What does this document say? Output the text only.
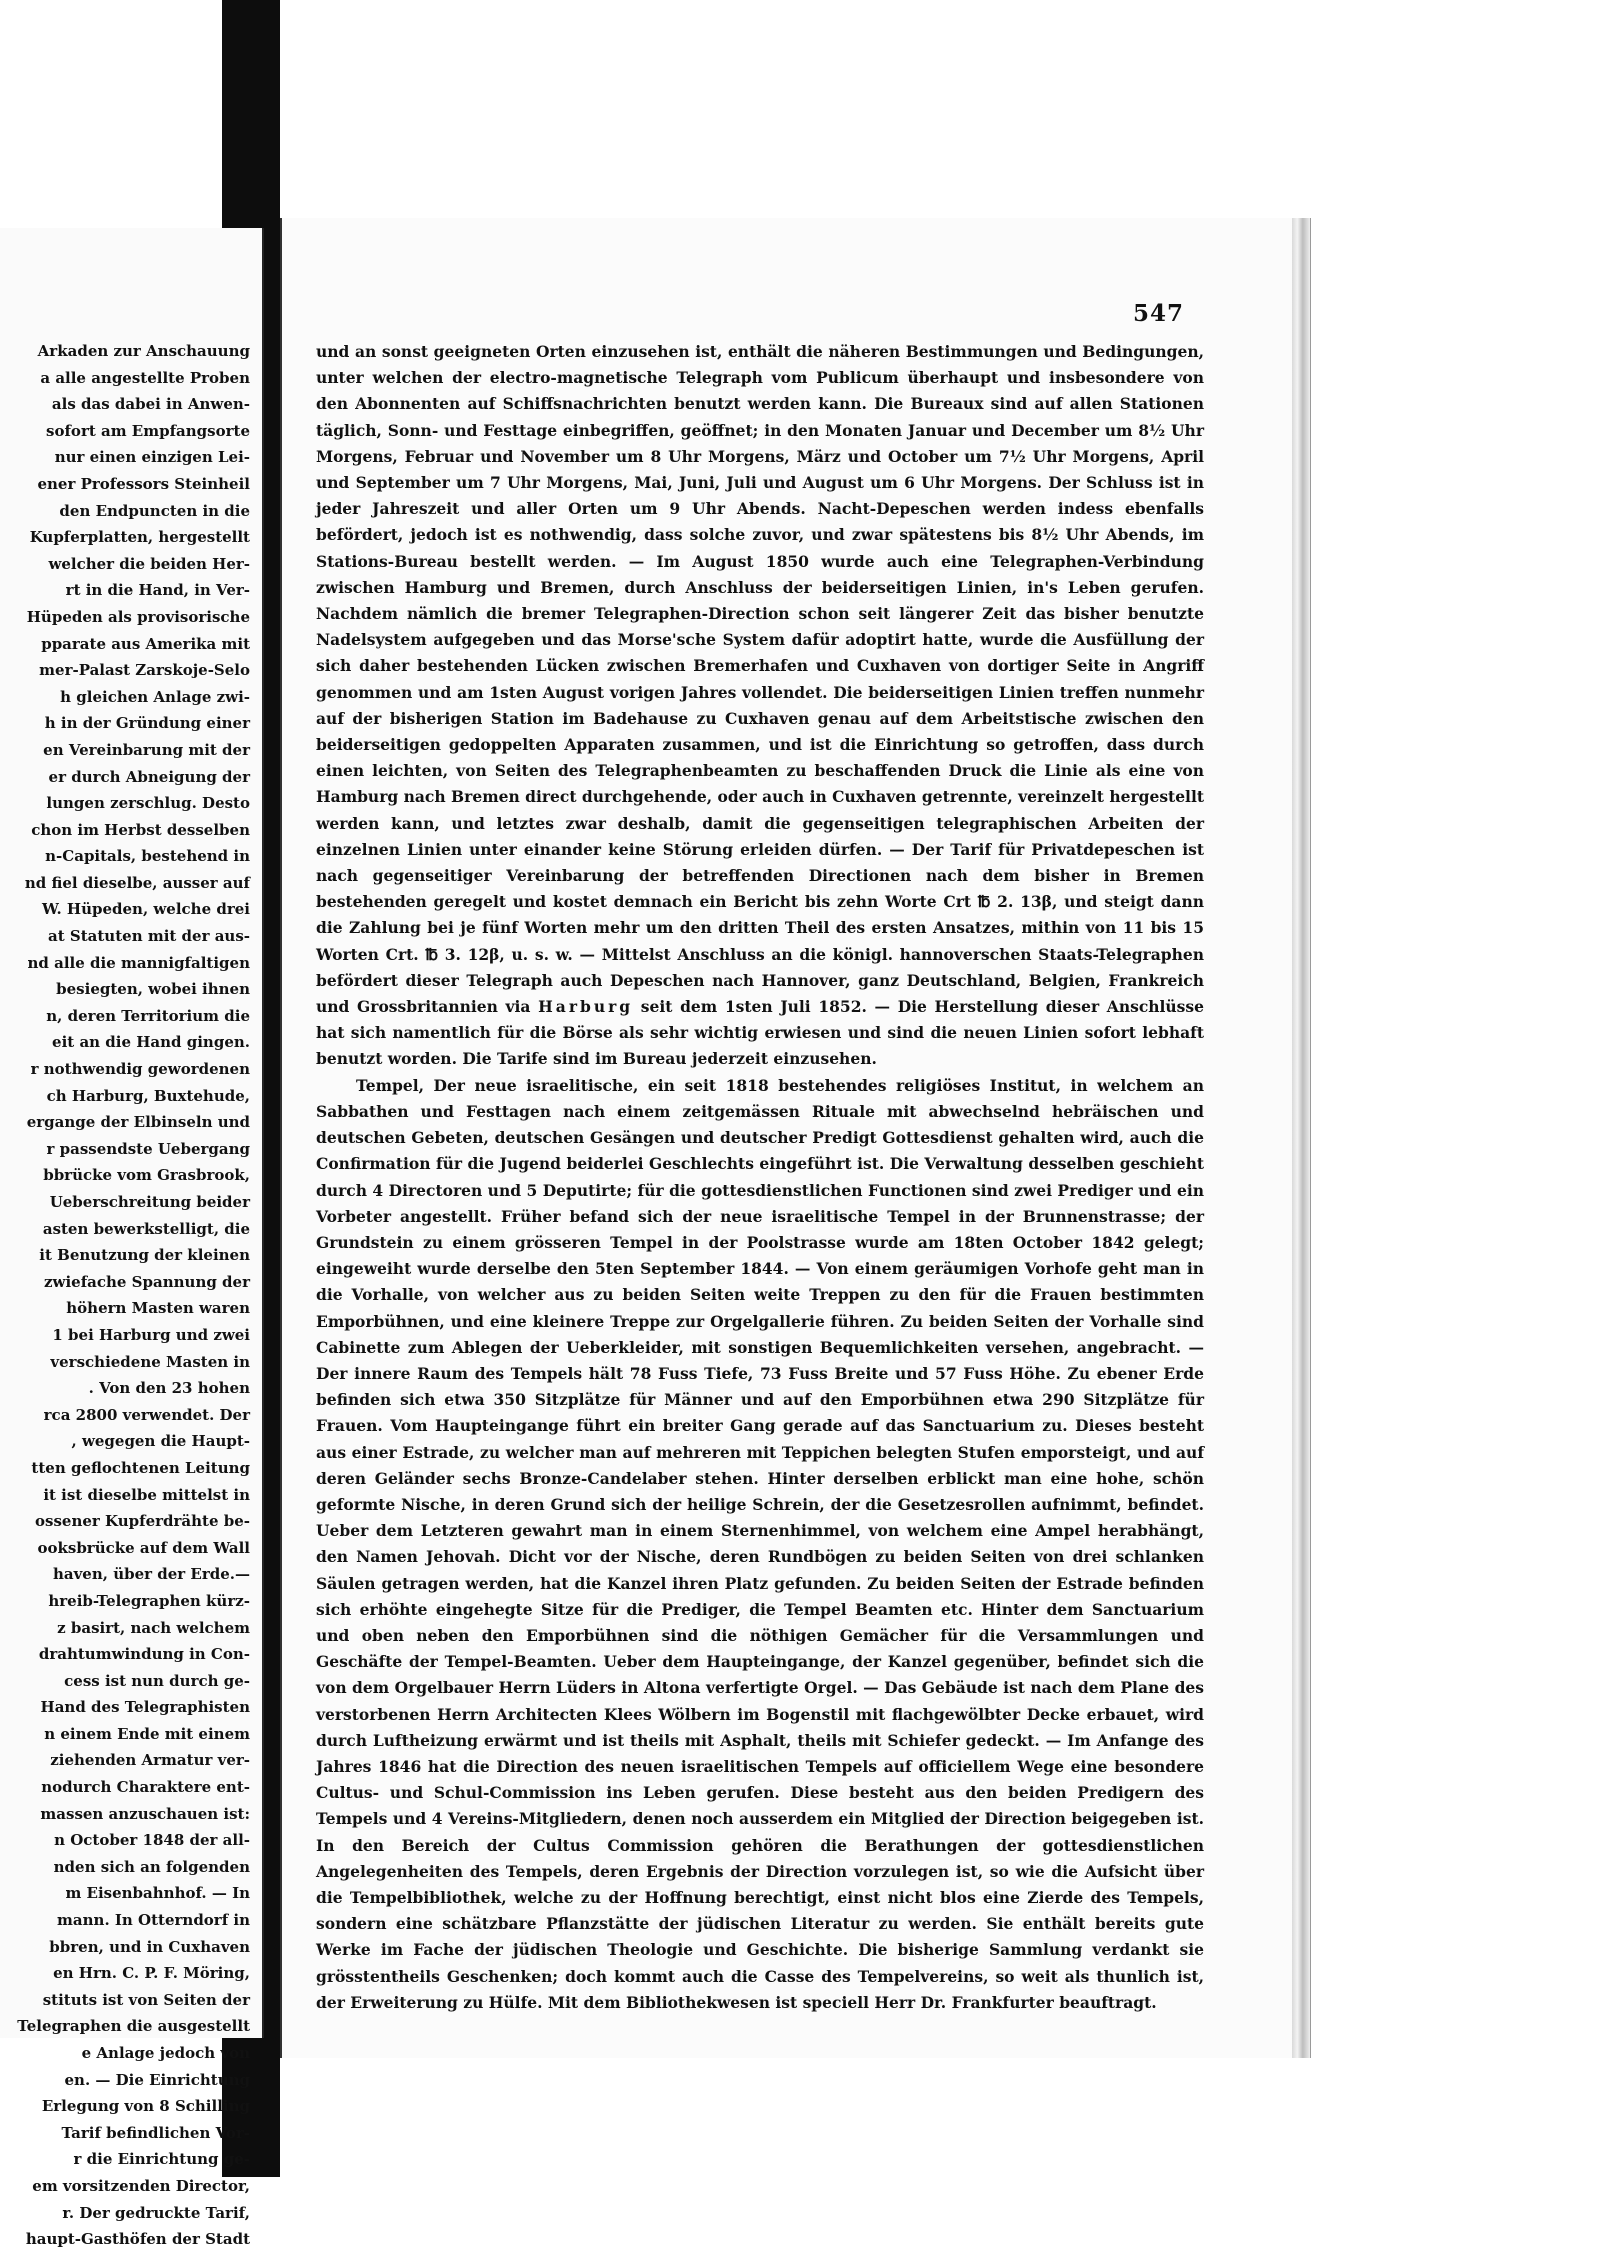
Arkaden zur Anschauung
a alle angestellte Proben
als das dabei in Anwen-
sofort am Empfangsorte
nur einen einzigen Lei-
ener Professors Steinheil
den Endpuncten in die
Kupferplatten, hergestellt
welcher die beiden Her-
rt in die Hand, in Ver-
Hüpeden als provisorische
pparate aus Amerika mit
mer-Palast Zarskoje-Selo
h gleichen Anlage zwi-
h in der Gründung einer
en Vereinbarung mit der
er durch Abneigung der
lungen zerschlug. Desto
chon im Herbst desselben
n-Capitals, bestehend in
nd fiel dieselbe, ausser auf
W. Hüpeden, welche drei
at Statuten mit der aus-
nd alle die mannigfaltigen
besiegten, wobei ihnen
n, deren Territorium die
eit an die Hand gingen.
r nothwendig gewordenen
ch Harburg, Buxtehude,
ergange der Elbinseln und
r passendste Uebergang
bbrücke vom Grasbrook,
Ueberschreitung beider
asten bewerkstelligt, die
it Benutzung der kleinen
zwiefache Spannung der
höhern Masten waren
1 bei Harburg und zwei
verschiedene Masten in
. Von den 23 hohen
rca 2800 verwendet. Der
, wegegen die Haupt-
tten geflochtenen Leitung
it ist dieselbe mittelst in
ossener Kupferdrähte be-
ooksbrücke auf dem Wall
haven, über der Erde.—
hreib-Telegraphen kürz-
z basirt, nach welchem
drahtumwindung in Con-
cess ist nun durch ge-
Hand des Telegraphisten
n einem Ende mit einem
ziehenden Armatur ver-
nodurch Charaktere ent-
massen anzuschauen ist:
n October 1848 der all-
nden sich an folgenden
m Eisenbahnhof. — In
mann. In Otterndorf in
bbren, und in Cuxhaven
en Hrn. C. P. F. Möring,
stituts ist von Seiten der
Telegraphen die ausgestellt
e Anlage jedoch von
en. — Die Einrichtung
Erlegung von 8 Schilling
Tarif befindlichen Vor-
r die Einrichtung ge-
em vorsitzenden Director,
r. Der gedruckte Tarif,
haupt-Gasthöfen der Stadt
547

und an sonst geeigneten Orten einzusehen ist, enthält die näheren Bestimmungen und Bedingungen, unter welchen der electro-magnetische Telegraph vom Publicum überhaupt und insbesondere von den Abonnenten auf Schiffsnachrichten benutzt werden kann. Die Bureaux sind auf allen Stationen täglich, Sonn- und Festtage einbegriffen, geöffnet; in den Monaten Januar und December um 8½ Uhr Morgens, Februar und November um 8 Uhr Morgens, März und October um 7½ Uhr Morgens, April und September um 7 Uhr Morgens, Mai, Juni, Juli und August um 6 Uhr Morgens. Der Schluss ist in jeder Jahreszeit und aller Orten um 9 Uhr Abends. Nacht-Depeschen werden indess ebenfalls befördert, jedoch ist es nothwendig, dass solche zuvor, und zwar spätestens bis 8½ Uhr Abends, im Stations-Bureau bestellt werden. — Im August 1850 wurde auch eine Telegraphen-Verbindung zwischen Hamburg und Bremen, durch Anschluss der beiderseitigen Linien, in's Leben gerufen. Nachdem nämlich die bremer Telegraphen-Direction schon seit längerer Zeit das bisher benutzte Nadelsystem aufgegeben und das Morse'sche System dafür adoptirt hatte, wurde die Ausfüllung der sich daher bestehenden Lücken zwischen Bremerhafen und Cuxhaven von dortiger Seite in Angriff genommen und am 1sten August vorigen Jahres vollendet. Die beiderseitigen Linien treffen nunmehr auf der bisherigen Station im Badehause zu Cuxhaven genau auf dem Arbeitstische zwischen den beiderseitigen gedoppelten Apparaten zusammen, und ist die Einrichtung so getroffen, dass durch einen leichten, von Seiten des Telegraphenbeamten zu beschaffenden Druck die Linie als eine von Hamburg nach Bremen direct durchgehende, oder auch in Cuxhaven getrennte, vereinzelt hergestellt werden kann, und letztes zwar deshalb, damit die gegenseitigen telegraphischen Arbeiten der einzelnen Linien unter einander keine Störung erleiden dürfen. — Der Tarif für Privatdepeschen ist nach gegenseitiger Vereinbarung der betreffenden Directionen nach dem bisher in Bremen bestehenden geregelt und kostet demnach ein Bericht bis zehn Worte Crt ℔ 2. 13β, und steigt dann die Zahlung bei je fünf Worten mehr um den dritten Theil des ersten Ansatzes, mithin von 11 bis 15 Worten Crt. ℔ 3. 12β, u. s. w. — Mittelst Anschluss an die königl. hannoverschen Staats-Telegraphen befördert dieser Telegraph auch Depeschen nach Hannover, ganz Deutschland, Belgien, Frankreich und Grossbritannien via Harburg seit dem 1sten Juli 1852. — Die Herstellung dieser Anschlüsse hat sich namentlich für die Börse als sehr wichtig erwiesen und sind die neuen Linien sofort lebhaft benutzt worden. Die Tarife sind im Bureau jederzeit einzusehen.

Tempel, Der neue israelitische, ein seit 1818 bestehendes religiöses Institut, in welchem an Sabbathen und Festtagen nach einem zeitgemässen Rituale mit abwechselnd hebräischen und deutschen Gebeten, deutschen Gesängen und deutscher Predigt Gottesdienst gehalten wird, auch die Confirmation für die Jugend beiderlei Geschlechts eingeführt ist. Die Verwaltung desselben geschieht durch 4 Directoren und 5 Deputirte; für die gottesdienstlichen Functionen sind zwei Prediger und ein Vorbeter angestellt. Früher befand sich der neue israelitische Tempel in der Brunnenstrasse; der Grundstein zu einem grösseren Tempel in der Poolstrasse wurde am 18ten October 1842 gelegt; eingeweiht wurde derselbe den 5ten September 1844. — Von einem geräumigen Vorhofe geht man in die Vorhalle, von welcher aus zu beiden Seiten weite Treppen zu den für die Frauen bestimmten Emporbühnen, und eine kleinere Treppe zur Orgelgallerie führen. Zu beiden Seiten der Vorhalle sind Cabinette zum Ablegen der Ueberkleider, mit sonstigen Bequemlichkeiten versehen, angebracht. — Der innere Raum des Tempels hält 78 Fuss Tiefe, 73 Fuss Breite und 57 Fuss Höhe. Zu ebener Erde befinden sich etwa 350 Sitzplätze für Männer und auf den Emporbühnen etwa 290 Sitzplätze für Frauen. Vom Haupteingange führt ein breiter Gang gerade auf das Sanctuarium zu. Dieses besteht aus einer Estrade, zu welcher man auf mehreren mit Teppichen belegten Stufen emporsteigt, und auf deren Geländer sechs Bronze-Candelaber stehen. Hinter derselben erblickt man eine hohe, schön geformte Nische, in deren Grund sich der heilige Schrein, der die Gesetzesrollen aufnimmt, befindet. Ueber dem Letzteren gewahrt man in einem Sternenhimmel, von welchem eine Ampel herabhängt, den Namen Jehovah. Dicht vor der Nische, deren Rundbögen zu beiden Seiten von drei schlanken Säulen getragen werden, hat die Kanzel ihren Platz gefunden. Zu beiden Seiten der Estrade befinden sich erhöhte eingehegte Sitze für die Prediger, die Tempel Beamten etc. Hinter dem Sanctuarium und oben neben den Emporbühnen sind die nöthigen Gemächer für die Versammlungen und Geschäfte der Tempel-Beamten. Ueber dem Haupteingange, der Kanzel gegenüber, befindet sich die von dem Orgelbauer Herrn Lüders in Altona verfertigte Orgel. — Das Gebäude ist nach dem Plane des verstorbenen Herrn Architecten Klees Wölbern im Bogenstil mit flachgewölbter Decke erbauet, wird durch Luftheizung erwärmt und ist theils mit Asphalt, theils mit Schiefer gedeckt. — Im Anfange des Jahres 1846 hat die Direction des neuen israelitischen Tempels auf officiellem Wege eine besondere Cultus- und Schul-Commission ins Leben gerufen. Diese besteht aus den beiden Predigern des Tempels und 4 Vereins-Mitgliedern, denen noch ausserdem ein Mitglied der Direction beigegeben ist. In den Bereich der Cultus Commission gehören die Berathungen der gottesdienstlichen Angelegenheiten des Tempels, deren Ergebnis der Direction vorzulegen ist, so wie die Aufsicht über die Tempelbibliothek, welche zu der Hoffnung berechtigt, einst nicht blos eine Zierde des Tempels, sondern eine schätzbare Pflanzstätte der jüdischen Literatur zu werden. Sie enthält bereits gute Werke im Fache der jüdischen Theologie und Geschichte. Die bisherige Sammlung verdankt sie grösstentheils Geschenken; doch kommt auch die Casse des Tempelvereins, so weit als thunlich ist, der Erweiterung zu Hülfe. Mit dem Bibliothekwesen ist speciell Herr Dr. Frankfurter beauftragt.
